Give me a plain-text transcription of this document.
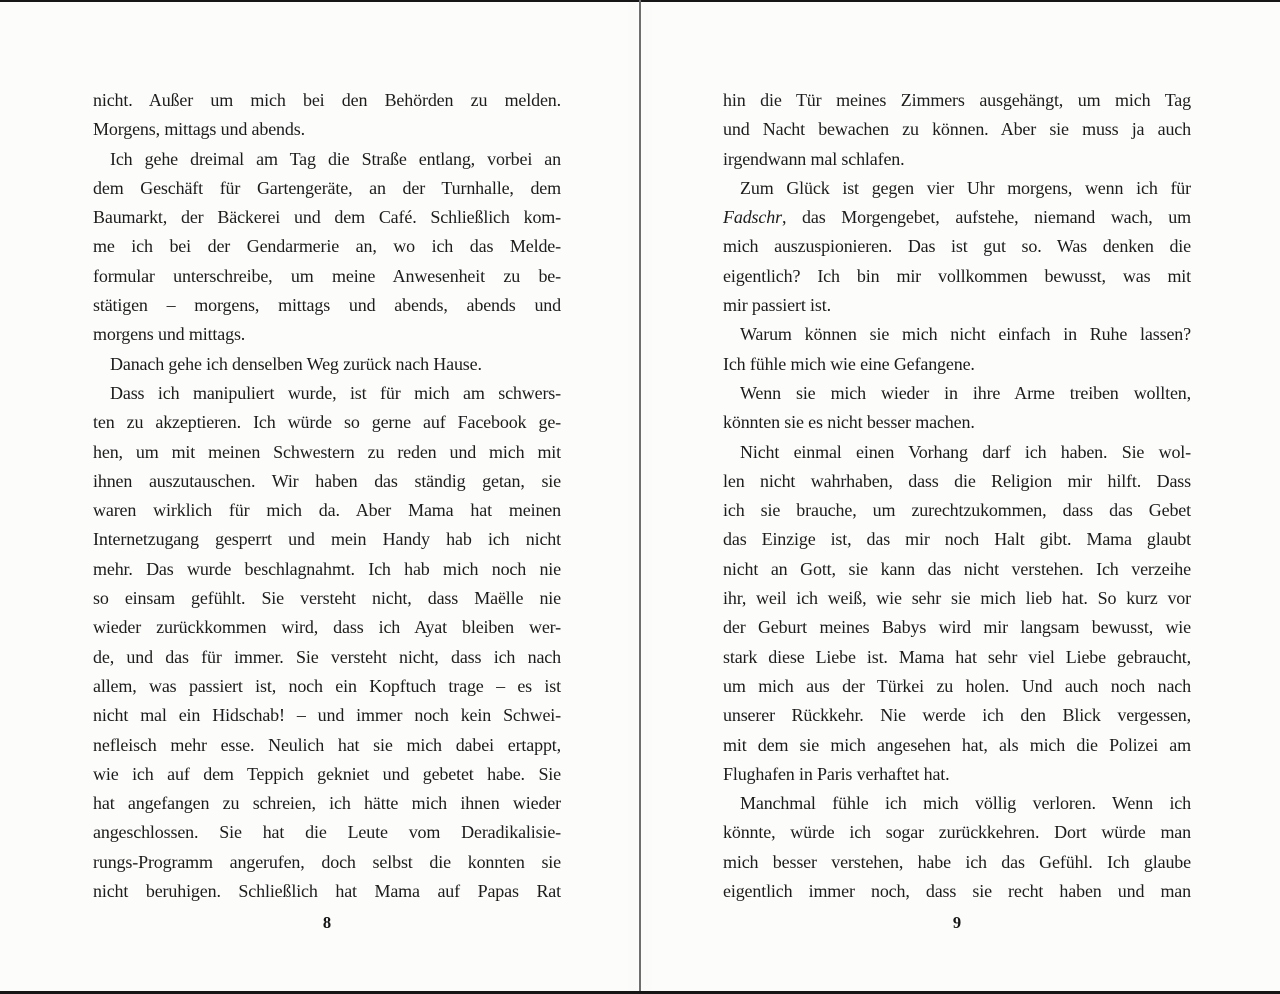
nicht. Außer um mich bei den Behörden zu melden.
Morgens, mittags und abends.
Ich gehe dreimal am Tag die Straße entlang, vorbei an
dem Geschäft für Gartengeräte, an der Turnhalle, dem
Baumarkt, der Bäckerei und dem Café. Schließlich kom-
me ich bei der Gendarmerie an, wo ich das Melde-
formular unterschreibe, um meine Anwesenheit zu be-
stätigen – morgens, mittags und abends, abends und
morgens und mittags.
Danach gehe ich denselben Weg zurück nach Hause.
Dass ich manipuliert wurde, ist für mich am schwers-
ten zu akzeptieren. Ich würde so gerne auf Facebook ge-
hen, um mit meinen Schwestern zu reden und mich mit
ihnen auszutauschen. Wir haben das ständig getan, sie
waren wirklich für mich da. Aber Mama hat meinen
Internetzugang gesperrt und mein Handy hab ich nicht
mehr. Das wurde beschlagnahmt. Ich hab mich noch nie
so einsam gefühlt. Sie versteht nicht, dass Maëlle nie
wieder zurückkommen wird, dass ich Ayat bleiben wer-
de, und das für immer. Sie versteht nicht, dass ich nach
allem, was passiert ist, noch ein Kopftuch trage – es ist
nicht mal ein Hidschab! – und immer noch kein Schwei-
nefleisch mehr esse. Neulich hat sie mich dabei ertappt,
wie ich auf dem Teppich gekniet und gebetet habe. Sie
hat angefangen zu schreien, ich hätte mich ihnen wieder
angeschlossen. Sie hat die Leute vom Deradikalisie-
rungs-Programm angerufen, doch selbst die konnten sie
nicht beruhigen. Schließlich hat Mama auf Papas Rat
8
hin die Tür meines Zimmers ausgehängt, um mich Tag
und Nacht bewachen zu können. Aber sie muss ja auch
irgendwann mal schlafen.
Zum Glück ist gegen vier Uhr morgens, wenn ich für
Fadschr, das Morgengebet, aufstehe, niemand wach, um
mich auszuspionieren. Das ist gut so. Was denken die
eigentlich? Ich bin mir vollkommen bewusst, was mit
mir passiert ist.
Warum können sie mich nicht einfach in Ruhe lassen?
Ich fühle mich wie eine Gefangene.
Wenn sie mich wieder in ihre Arme treiben wollten,
könnten sie es nicht besser machen.
Nicht einmal einen Vorhang darf ich haben. Sie wol-
len nicht wahrhaben, dass die Religion mir hilft. Dass
ich sie brauche, um zurechtzukommen, dass das Gebet
das Einzige ist, das mir noch Halt gibt. Mama glaubt
nicht an Gott, sie kann das nicht verstehen. Ich verzeihe
ihr, weil ich weiß, wie sehr sie mich lieb hat. So kurz vor
der Geburt meines Babys wird mir langsam bewusst, wie
stark diese Liebe ist. Mama hat sehr viel Liebe gebraucht,
um mich aus der Türkei zu holen. Und auch noch nach
unserer Rückkehr. Nie werde ich den Blick vergessen,
mit dem sie mich angesehen hat, als mich die Polizei am
Flughafen in Paris verhaftet hat.
Manchmal fühle ich mich völlig verloren. Wenn ich
könnte, würde ich sogar zurückkehren. Dort würde man
mich besser verstehen, habe ich das Gefühl. Ich glaube
eigentlich immer noch, dass sie recht haben und man
9
